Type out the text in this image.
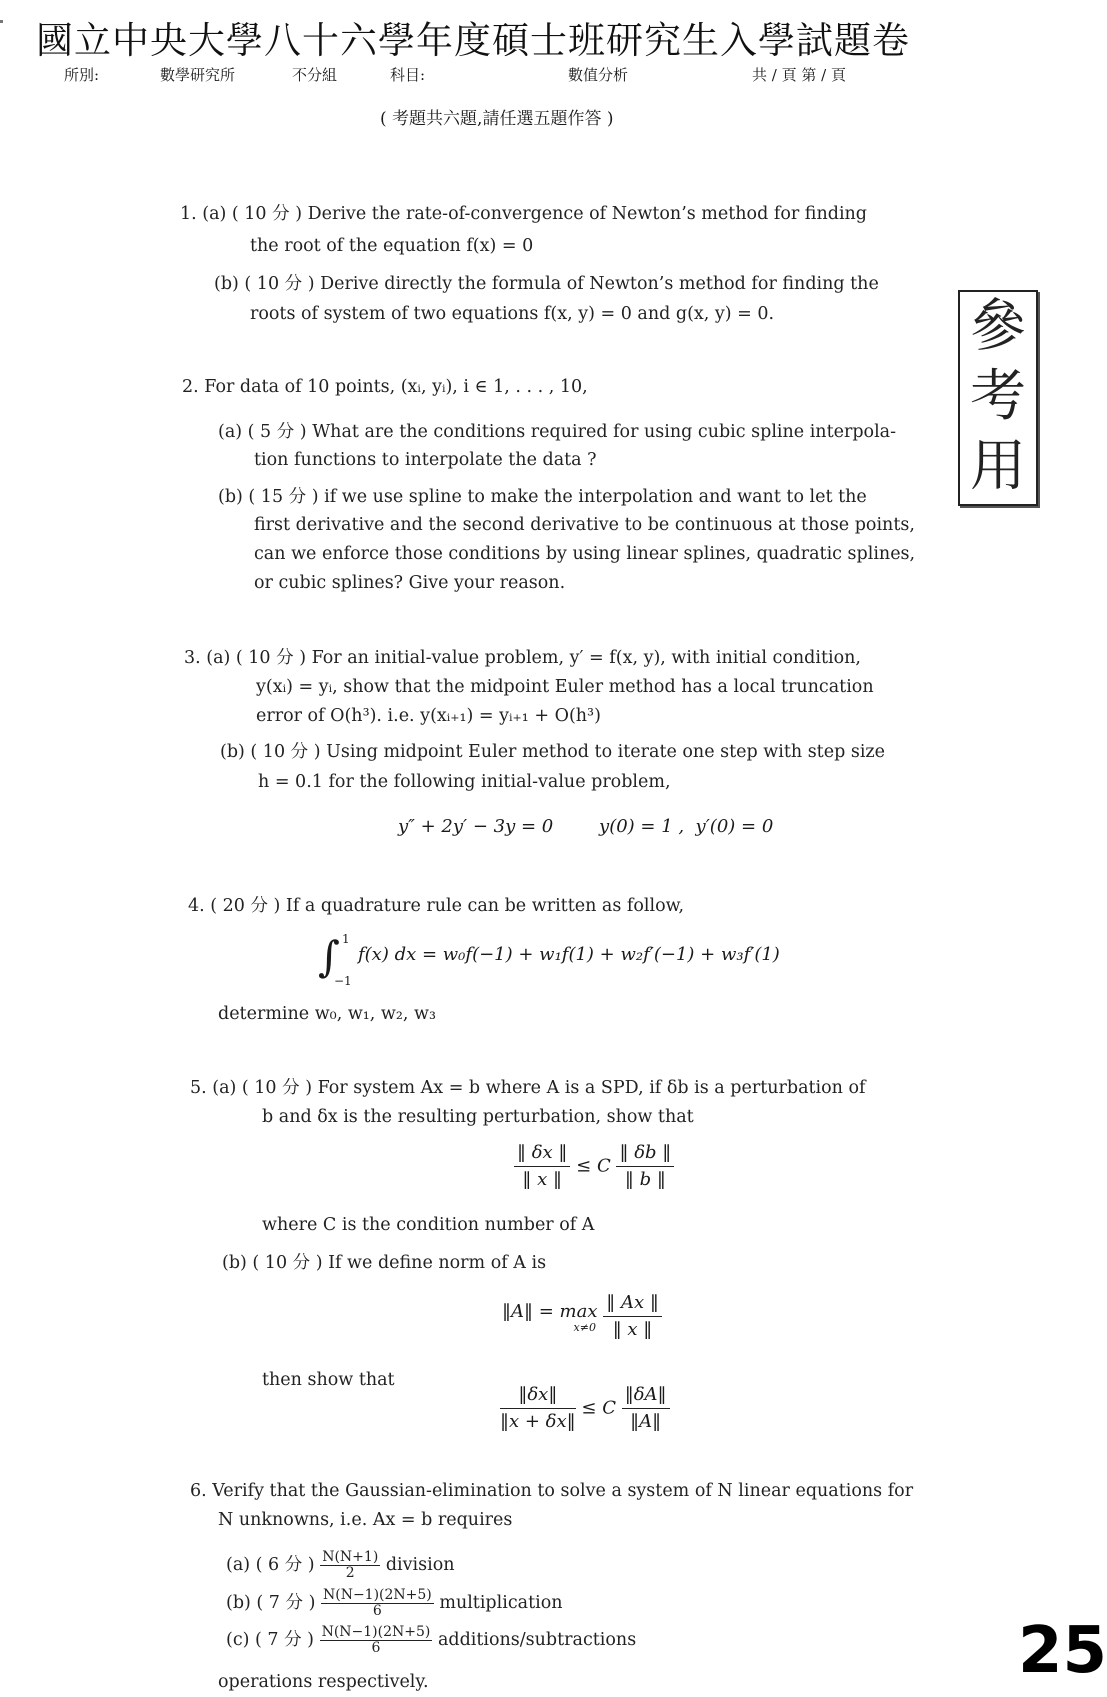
國立中央大學八十六學年度碩士班研究生入學試題卷
所別:	數學研究所	不分組	科目:	數值分析	共 / 頁 第 / 頁
( 考題共六題,請任選五題作答 )
參
考
用
1. (a) ( 10 分 ) Derive the rate-of-convergence of Newton’s method for finding
the root of the equation f(x) = 0
(b) ( 10 分 ) Derive directly the formula of Newton’s method for finding the
roots of system of two equations f(x, y) = 0 and g(x, y) = 0.
2. For data of 10 points, (xᵢ, yᵢ), i ∈ 1, . . . , 10,
(a) ( 5 分 ) What are the conditions required for using cubic spline interpola-
tion functions to interpolate the data ?
(b) ( 15 分 ) if we use spline to make the interpolation and want to let the
first derivative and the second derivative to be continuous at those points,
can we enforce those conditions by using linear splines, quadratic splines,
or cubic splines? Give your reason.
3. (a) ( 10 分 ) For an initial-value problem, y′ = f(x, y), with initial condition,
y(xᵢ) = yᵢ, show that the midpoint Euler method has a local truncation
error of O(h³). i.e. y(xᵢ₊₁) = yᵢ₊₁ + O(h³)
(b) ( 10 分 ) Using midpoint Euler method to iterate one step with step size
h = 0.1 for the following initial-value problem,
y″ + 2y′ − 3y = 0        y(0) = 1 ,  y′(0) = 0
4. ( 20 分 ) If a quadrature rule can be written as follow,
∫ 1
−1
f(x) dx = w₀f(−1) + w₁f(1) + w₂f′(−1) + w₃f′(1)
determine w₀, w₁, w₂, w₃
5. (a) ( 10 分 ) For system Ax = b where A is a SPD, if δb is a perturbation of
b and δx is the resulting perturbation, show that
$\frac{‖ \delta x ‖}{‖ x ‖} \le C \frac{‖ \delta b ‖}{‖ b ‖}$
where C is the condition number of A
(b) ( 10 分 ) If we define norm of A is
‖A‖ = max
x≠0
$\frac{‖ Ax ‖}{‖ x ‖}$
then show that
$\frac{‖\delta x‖}{‖x + \delta x‖} \le C \frac{‖\delta A‖}{‖A‖}$
6. Verify that the Gaussian-elimination to solve a system of N linear equations for
N unknowns, i.e. Ax = b requires
(a) ( 6 分 ) $\frac{N(N+1)}{2}$ division
(b) ( 7 分 ) $\frac{N(N-1)(2N+5)}{6}$ multiplication
(c) ( 7 分 ) $\frac{N(N-1)(2N+5)}{6}$ additions/subtractions
operations respectively.	25
